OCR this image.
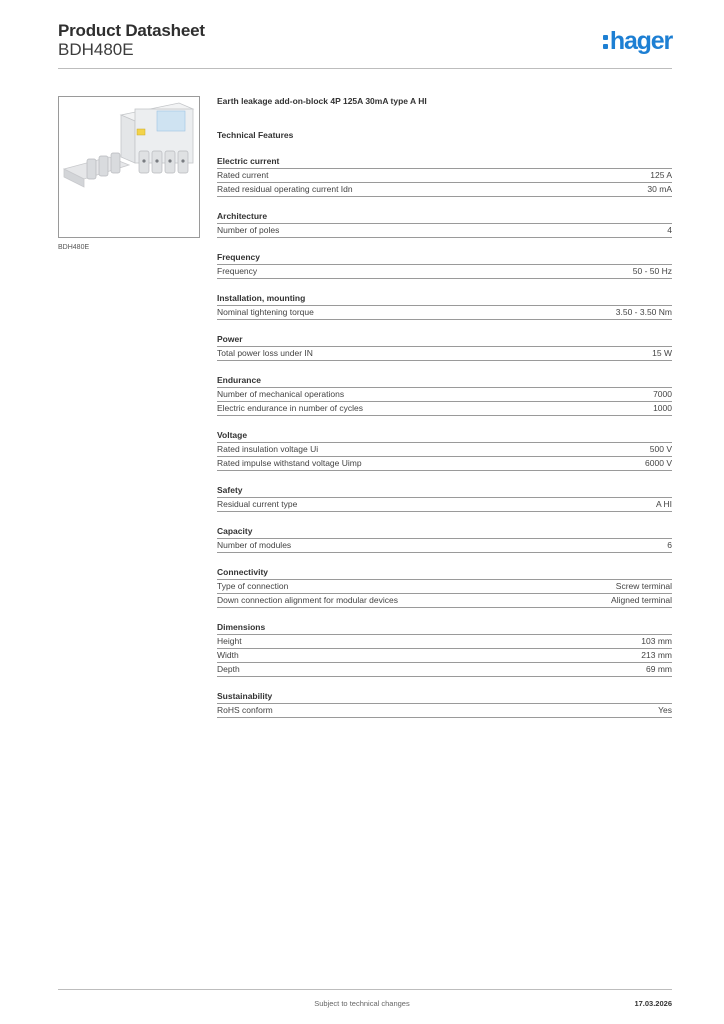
Product Datasheet
BDH480E	hager
BDH480E
Earth leakage add-on-block 4P 125A 30mA type A HI
Technical Features
Electric current
Rated current	125 A
Rated residual operating current Idn	30 mA
Architecture
Number of poles	4
Frequency
Frequency	50 - 50 Hz
Installation, mounting
Nominal tightening torque	3.50 - 3.50 Nm
Power
Total power loss under IN	15 W
Endurance
Number of mechanical operations	7000
Electric endurance in number of cycles	1000
Voltage
Rated insulation voltage Ui	500 V
Rated impulse withstand voltage Uimp	6000 V
Safety
Residual current type	A HI
Capacity
Number of modules	6
Connectivity
Type of connection	Screw terminal
Down connection alignment for modular devices	Aligned terminal
Dimensions
Height	103 mm
Width	213 mm
Depth	69 mm
Sustainability
RoHS conform	Yes
Subject to technical changes	17.03.2026
